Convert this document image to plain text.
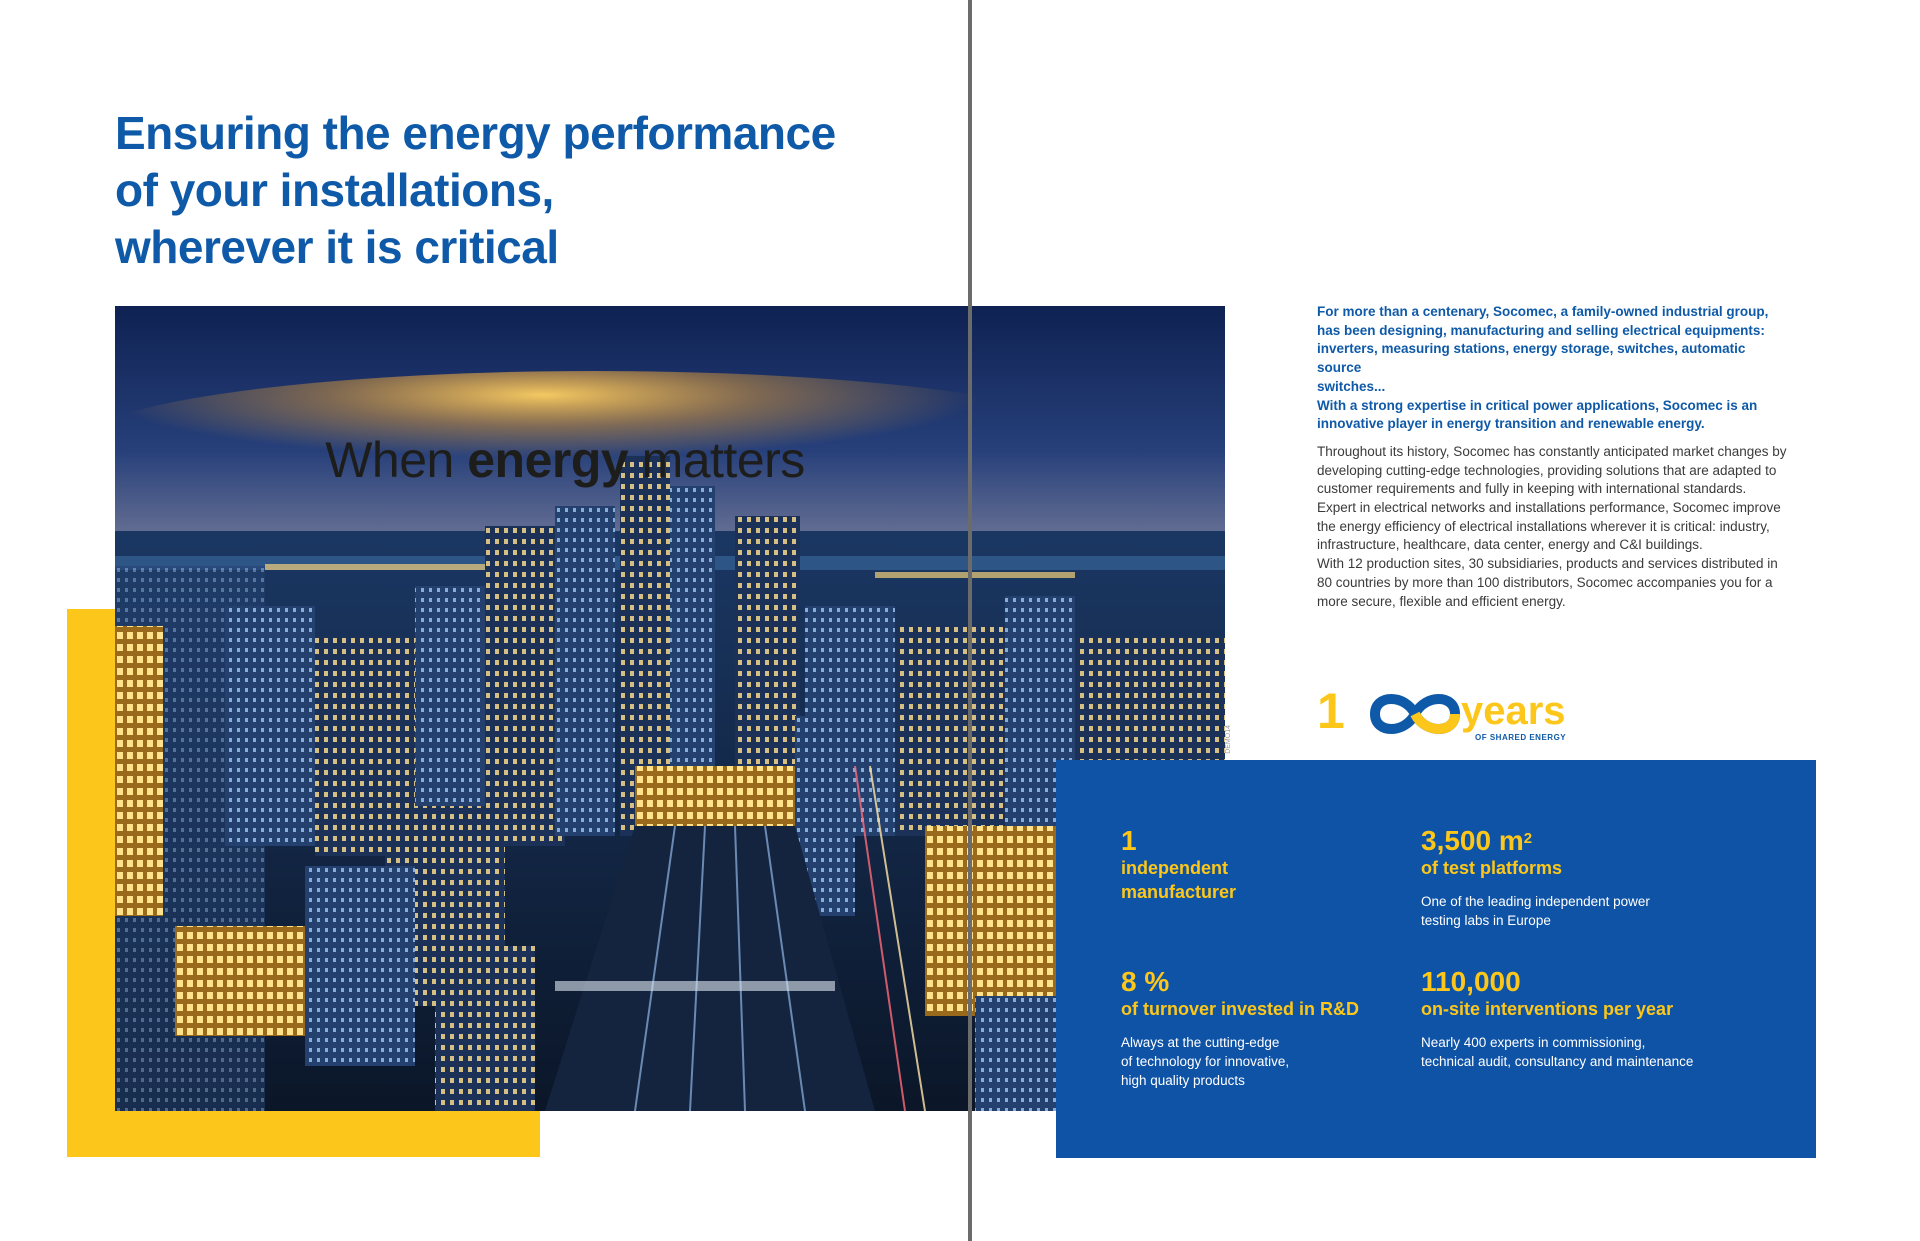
Ensuring the energy performance
of your installations,
wherever it is critical
When energy matters
DEMO14

For more than a centenary, Socomec, a family-owned industrial group,
has been designing, manufacturing and selling electrical equipments:
inverters, measuring stations, energy storage, switches, automatic source
switches...
With a strong expertise in critical power applications, Socomec is an
innovative player in energy transition and renewable energy.

Throughout its history, Socomec has constantly anticipated market changes by
developing cutting-edge technologies, providing solutions that are adapted to
customer requirements and fully in keeping with international standards.
Expert in electrical networks and installations performance, Socomec improve
the energy efficiency of electrical installations wherever it is critical: industry,
infrastructure, healthcare, data center, energy and C&I buildings.
With 12 production sites, 30 subsidiaries, products and services distributed in
80 countries by more than 100 distributors, Socomec accompanies you for a
more secure, flexible and efficient energy.

1	years
OF SHARED ENERGY
1
independent
manufacturer
3,500 $m^2$
of test platforms
One of the leading independent power
testing labs in Europe
8 %
of turnover invested in R&D
Always at the cutting-edge
of technology for innovative,
high quality products
110,000
on-site interventions per year
Nearly 400 experts in commissioning,
technical audit, consultancy and maintenance
